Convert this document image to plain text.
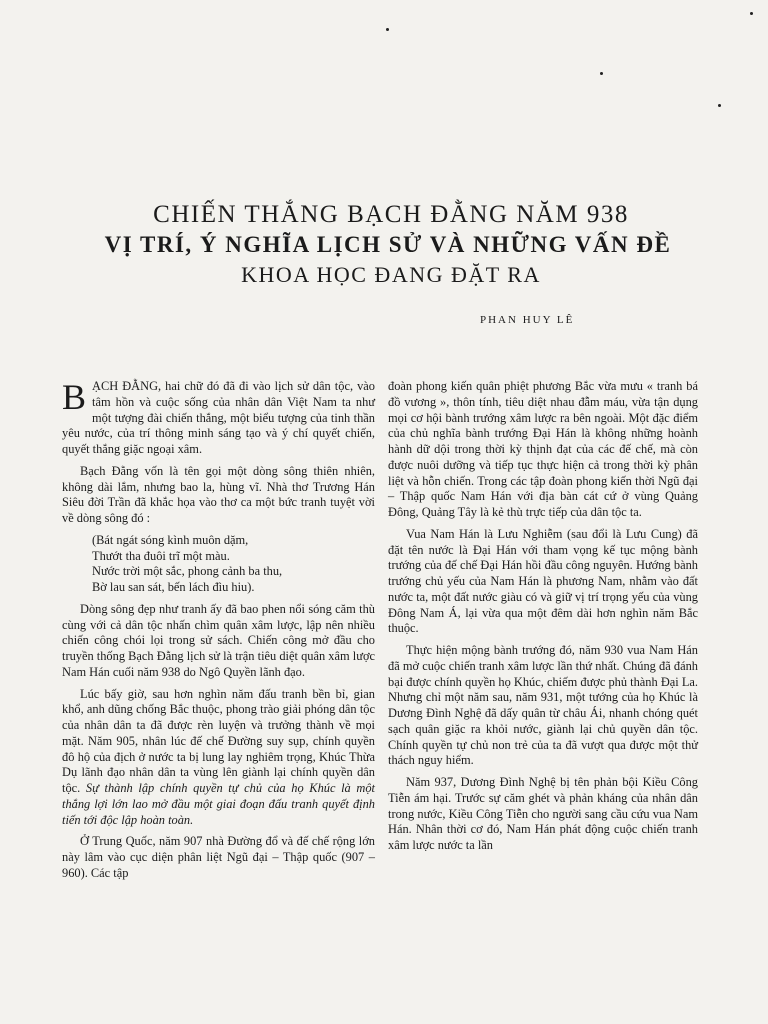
CHIẾN THẮNG BẠCH ĐẰNG NĂM 938
VỊ TRÍ, Ý NGHĨA LỊCH SỬ VÀ NHỮNG VẤN ĐỀ
KHOA HỌC ĐANG ĐẶT RA
PHAN HUY LÊ

BẠCH ĐẰNG, hai chữ đó đã đi vào lịch sử dân tộc, vào tâm hồn và cuộc sống của nhân dân Việt Nam ta như một tượng đài chiến thắng, một biểu tượng của tinh thần yêu nước, của trí thông minh sáng tạo và ý chí quyết chiến, quyết thắng giặc ngoại xâm.

Bạch Đằng vốn là tên gọi một dòng sông thiên nhiên, không dài lắm, nhưng bao la, hùng vĩ. Nhà thơ Trương Hán Siêu đời Trần đã khắc họa vào thơ ca một bức tranh tuyệt vời về dòng sông đó :

(Bát ngát sóng kình muôn dặm,
Thướt tha đuôi trĩ một màu.
Nước trời một sắc, phong cảnh ba thu,
Bờ lau san sát, bến lách đìu hiu).

Dòng sông đẹp như tranh ấy đã bao phen nổi sóng căm thù cùng với cả dân tộc nhấn chìm quân xâm lược, lập nên nhiều chiến công chói lọi trong sử sách. Chiến công mở đầu cho truyền thống Bạch Đằng lịch sử là trận tiêu diệt quân xâm lược Nam Hán cuối năm 938 do Ngô Quyền lãnh đạo.

Lúc bấy giờ, sau hơn nghìn năm đấu tranh bền bỉ, gian khổ, anh dũng chống Bắc thuộc, phong trào giải phóng dân tộc của nhân dân ta đã được rèn luyện và trưởng thành về mọi mặt. Năm 905, nhân lúc đế chế Đường suy sụp, chính quyền đô hộ của địch ở nước ta bị lung lay nghiêm trọng, Khúc Thừa Dụ lãnh đạo nhân dân ta vùng lên giành lại chính quyền dân tộc. Sự thành lập chính quyền tự chủ của họ Khúc là một thắng lợi lớn lao mở đầu một giai đoạn đấu tranh quyết định tiến tới độc lập hoàn toàn.

Ở Trung Quốc, năm 907 nhà Đường đổ và đế chế rộng lớn này lâm vào cục diện phân liệt Ngũ đại – Thập quốc (907 – 960). Các tập

đoàn phong kiến quân phiệt phương Bắc vừa mưu « tranh bá đồ vương », thôn tính, tiêu diệt nhau đẫm máu, vừa tận dụng mọi cơ hội bành trướng xâm lược ra bên ngoài. Một đặc điểm của chủ nghĩa bành trướng Đại Hán là không những hoành hành dữ dội trong thời kỳ thịnh đạt của các đế chế, mà còn được nuôi dưỡng và tiếp tục thực hiện cả trong thời kỳ phân liệt và hỗn chiến. Trong các tập đoàn phong kiến thời Ngũ đại – Thập quốc Nam Hán với địa bàn cát cứ ở vùng Quảng Đông, Quảng Tây là kẻ thù trực tiếp của dân tộc ta.

Vua Nam Hán là Lưu Nghiễm (sau đổi là Lưu Cung) đã đặt tên nước là Đại Hán với tham vọng kế tục mộng bành trướng của đế chế Đại Hán hồi đầu công nguyên. Hướng bành trướng chủ yếu của Nam Hán là phương Nam, nhằm vào đất nước ta, một đất nước giàu có và giữ vị trí trọng yếu của vùng Đông Nam Á, lại vừa qua một đêm dài hơn nghìn năm Bắc thuộc.

Thực hiện mộng bành trướng đó, năm 930 vua Nam Hán đã mở cuộc chiến tranh xâm lược lần thứ nhất. Chúng đã đánh bại được chính quyền họ Khúc, chiếm được phủ thành Đại La. Nhưng chỉ một năm sau, năm 931, một tướng của họ Khúc là Dương Đình Nghệ đã dấy quân từ châu Ái, nhanh chóng quét sạch quân giặc ra khỏi nước, giành lại chủ quyền dân tộc. Chính quyền tự chủ non trẻ của ta đã vượt qua được một thử thách nguy hiểm.

Năm 937, Dương Đình Nghệ bị tên phản bội Kiều Công Tiễn ám hại. Trước sự căm ghét và phản kháng của nhân dân trong nước, Kiều Công Tiễn cho người sang cầu cứu vua Nam Hán. Nhân thời cơ đó, Nam Hán phát động cuộc chiến tranh xâm lược nước ta lần
